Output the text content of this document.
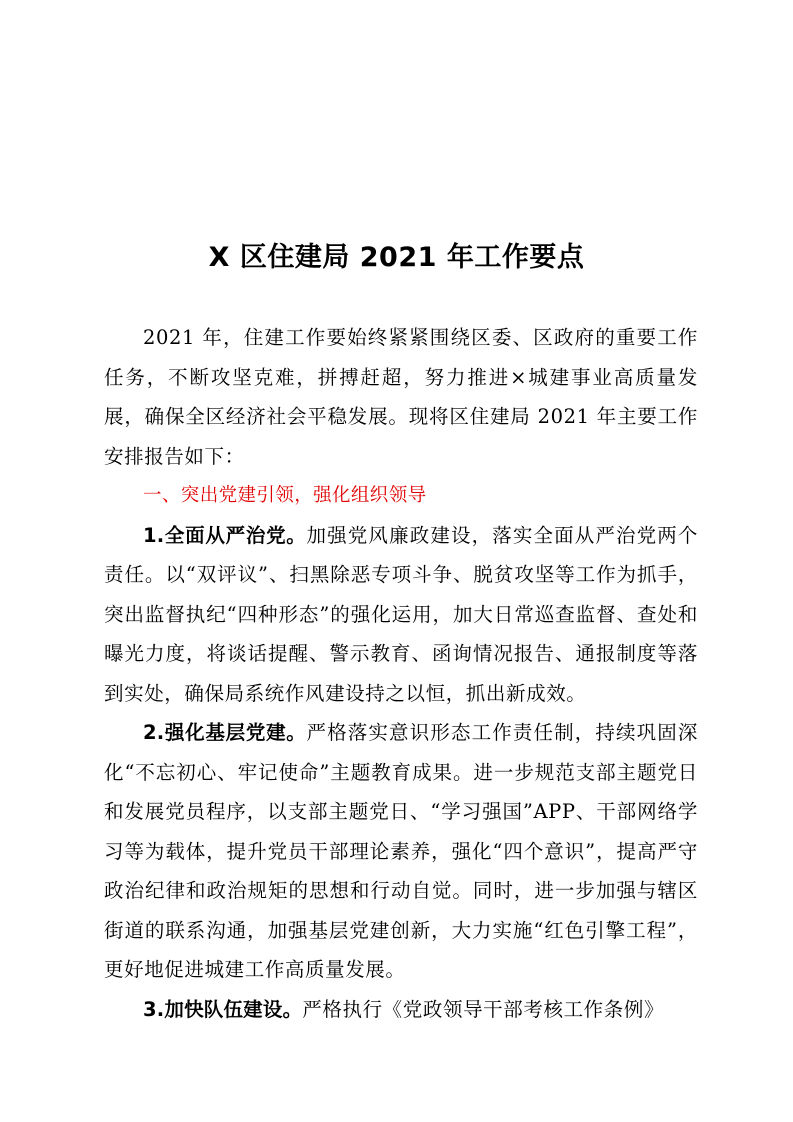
X 区住建局 2021 年工作要点

2021 年，住建工作要始终紧紧围绕区委、区政府的重要工作任务，不断攻坚克难，拼搏赶超，努力推进×城建事业高质量发展，确保全区经济社会平稳发展。现将区住建局 2021 年主要工作安排报告如下：

一、突出党建引领，强化组织领导

1.全面从严治党。加强党风廉政建设，落实全面从严治党两个责任。以“双评议”、扫黑除恶专项斗争、脱贫攻坚等工作为抓手，突出监督执纪“四种形态”的强化运用，加大日常巡查监督、查处和曝光力度，将谈话提醒、警示教育、函询情况报告、通报制度等落到实处，确保局系统作风建设持之以恒，抓出新成效。

2.强化基层党建。严格落实意识形态工作责任制，持续巩固深化“不忘初心、牢记使命”主题教育成果。进一步规范支部主题党日和发展党员程序，以支部主题党日、“学习强国”APP、干部网络学习等为载体，提升党员干部理论素养，强化“四个意识”，提高严守政治纪律和政治规矩的思想和行动自觉。同时，进一步加强与辖区街道的联系沟通，加强基层党建创新，大力实施“红色引擎工程”，更好地促进城建工作高质量发展。

3.加快队伍建设。严格执行《党政领导干部考核工作条例》
